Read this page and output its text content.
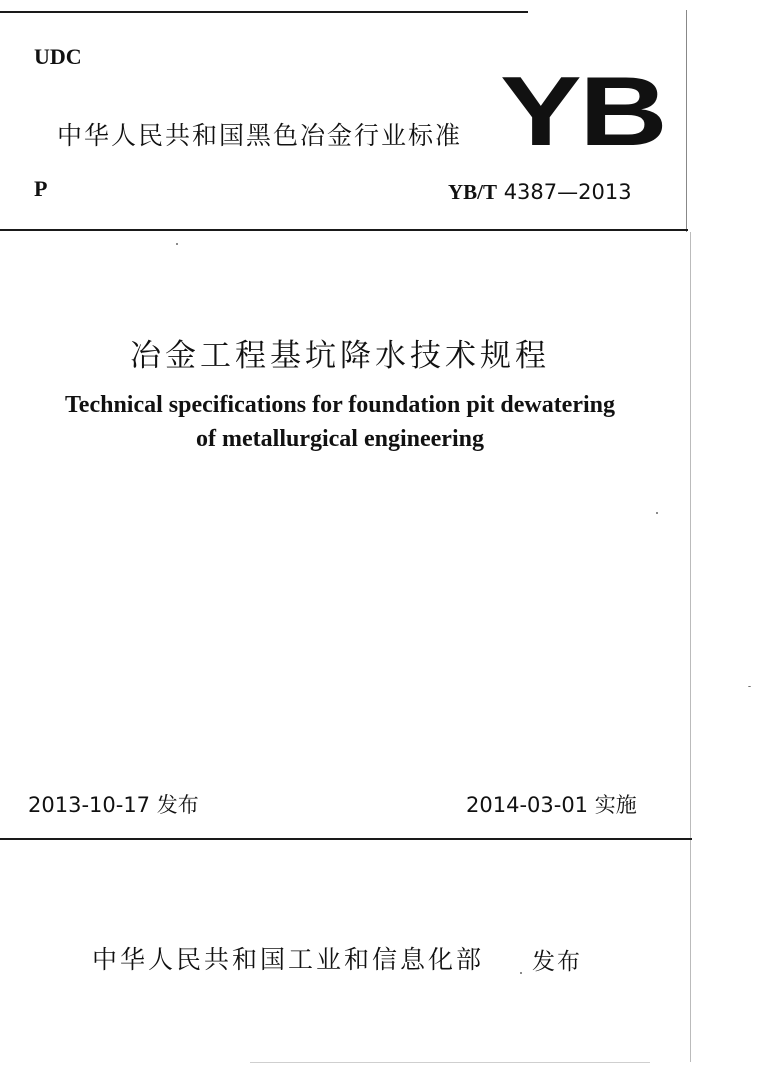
UDC
中华人民共和国黑色冶金行业标准 YB
P	YB/T 4387—2013
冶金工程基坑降水技术规程
Technical specifications for foundation pit dewatering
of metallurgical engineering
2013-10-17 发布	2014-03-01 实施
中华人民共和国工业和信息化部 发布
